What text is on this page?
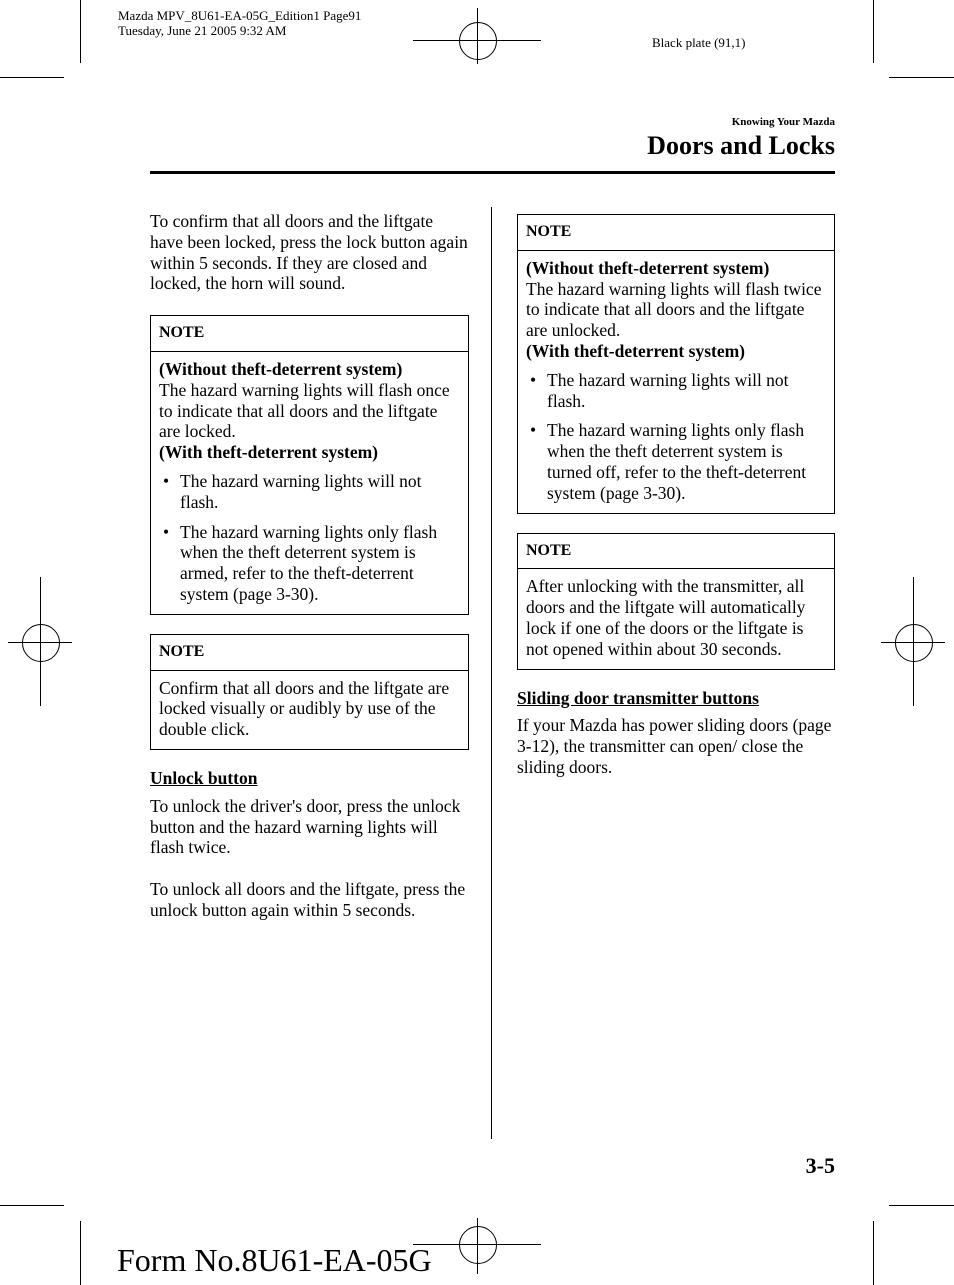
Mazda MPV_8U61-EA-05G_Edition1 Page91
Tuesday, June 21 2005 9:32 AM
Black plate (91,1)
Knowing Your Mazda
Doors and Locks

To confirm that all doors and the liftgate have been locked, press the lock button again within 5 seconds. If they are closed and locked, the horn will sound.

NOTE
(Without theft-deterrent system)

The hazard warning lights will flash once to indicate that all doors and the liftgate are locked.

(With theft-deterrent system)
• The hazard warning lights will not flash.
• The hazard warning lights only flash when the theft deterrent system is armed, refer to the theft-deterrent system (page 3-30).
NOTE

Confirm that all doors and the liftgate are locked visually or audibly by use of the double click.

Unlock button

To unlock the driver's door, press the unlock button and the hazard warning lights will flash twice.

To unlock all doors and the liftgate, press the unlock button again within 5 seconds.

NOTE
(Without theft-deterrent system)

The hazard warning lights will flash twice to indicate that all doors and the liftgate are unlocked.

(With theft-deterrent system)
• The hazard warning lights will not flash.
• The hazard warning lights only flash when the theft deterrent system is turned off, refer to the theft-deterrent system (page 3-30).
NOTE

After unlocking with the transmitter, all doors and the liftgate will automatically lock if one of the doors or the liftgate is not opened within about 30 seconds.

Sliding door transmitter buttons

If your Mazda has power sliding doors (page 3-12), the transmitter can open/ close the sliding doors.

3-5
Form No.8U61-EA-05G
